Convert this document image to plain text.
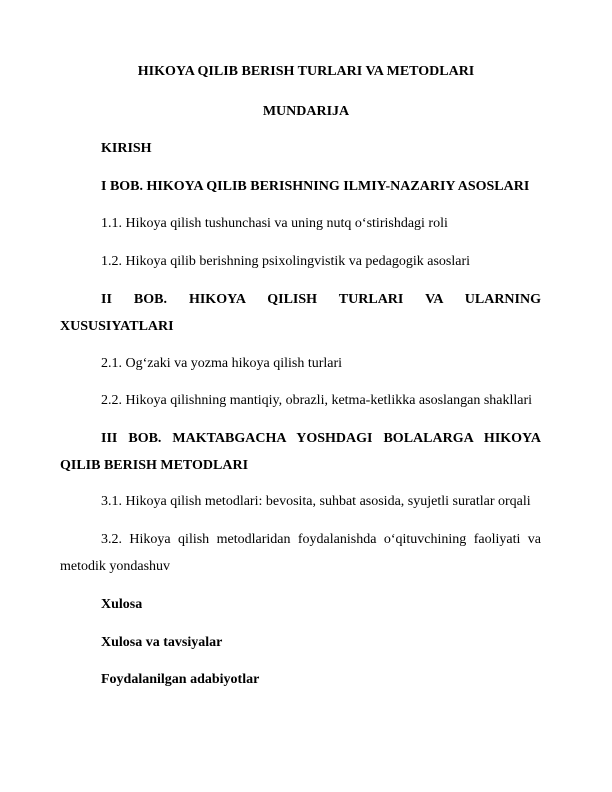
HIKOYA QILIB BERISH TURLARI VA METODLARI
MUNDARIJA
KIRISH
I BOB. HIKOYA QILIB BERISHNING ILMIY-NAZARIY ASOSLARI
1.1. Hikoya qilish tushunchasi va uning nutq o‘stirishdagi roli
1.2. Hikoya qilib berishning psixolingvistik va pedagogik asoslari
II BOB. HIKOYA QILISH TURLARI VA ULARNING XUSUSIYATLARI
2.1. Og‘zaki va yozma hikoya qilish turlari
2.2. Hikoya qilishning mantiqiy, obrazli, ketma-ketlikka asoslangan shakllari
III BOB. MAKTABGACHA YOSHDAGI BOLALARGA HIKOYA QILIB BERISH METODLARI
3.1. Hikoya qilish metodlari: bevosita, suhbat asosida, syujetli suratlar orqali
3.2. Hikoya qilish metodlaridan foydalanishda o‘qituvchining faoliyati va metodik yondashuv
Xulosa
Xulosa va tavsiyalar
Foydalanilgan adabiyotlar
